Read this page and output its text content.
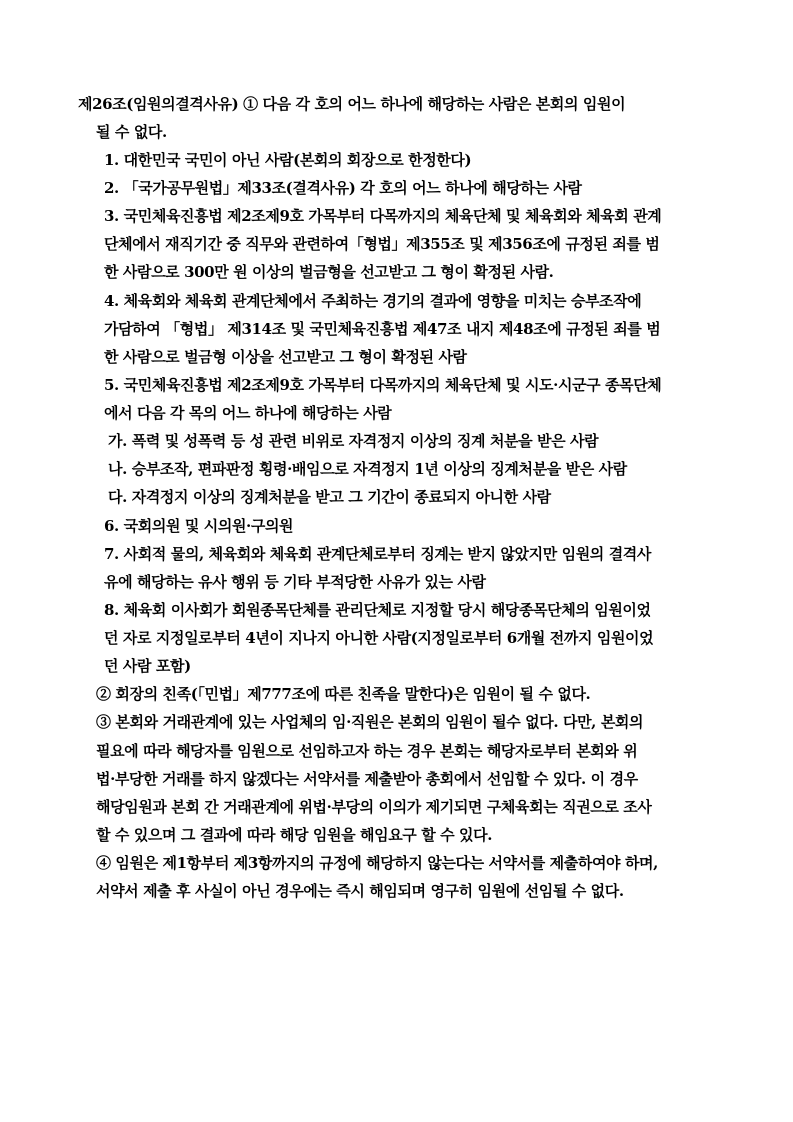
제26조(임원의결격사유) ① 다음 각 호의 어느 하나에 해당하는 사람은 본회의 임원이
될 수 없다.
1. 대한민국 국민이 아닌 사람(본회의 회장으로 한정한다)
2. 「국가공무원법」제33조(결격사유) 각 호의 어느 하나에 해당하는 사람
3. 국민체육진흥법 제2조제9호 가목부터 다목까지의 체육단체 및 체육회와 체육회 관계
단체에서 재직기간 중 직무와 관련하여「형법」제355조 및 제356조에 규정된 죄를 범
한 사람으로 300만 원 이상의 벌금형을 선고받고 그 형이 확정된 사람.
4. 체육회와 체육회 관계단체에서 주최하는 경기의 결과에 영향을 미치는 승부조작에
가담하여 「형법」 제314조 및 국민체육진흥법 제47조 내지 제48조에 규정된 죄를 범
한 사람으로 벌금형 이상을 선고받고 그 형이 확정된 사람
5. 국민체육진흥법 제2조제9호 가목부터 다목까지의 체육단체 및 시도·시군구 종목단체
에서 다음 각 목의 어느 하나에 해당하는 사람
가. 폭력 및 성폭력 등 성 관련 비위로 자격정지 이상의 징계 처분을 받은 사람
나. 승부조작, 편파판정 횡령·배임으로 자격정지 1년 이상의 징계처분을 받은 사람
다. 자격정지 이상의 징계처분을 받고 그 기간이 종료되지 아니한 사람
6. 국회의원 및 시의원·구의원
7. 사회적 물의, 체육회와 체육회 관계단체로부터 징계는 받지 않았지만 임원의 결격사
유에 해당하는 유사 행위 등 기타 부적당한 사유가 있는 사람
8. 체육회 이사회가 회원종목단체를 관리단체로 지정할 당시 해당종목단체의 임원이었
던 자로 지정일로부터 4년이 지나지 아니한 사람(지정일로부터 6개월 전까지 임원이었
던 사람 포함)
② 회장의 친족(「민법」제777조에 따른 친족을 말한다)은 임원이 될 수 없다.
③ 본회와 거래관계에 있는 사업체의 임·직원은 본회의 임원이 될수 없다. 다만, 본회의
필요에 따라 해당자를 임원으로 선임하고자 하는 경우 본회는 해당자로부터 본회와 위
법·부당한 거래를 하지 않겠다는 서약서를 제출받아 총회에서 선임할 수 있다. 이 경우
해당임원과 본회 간 거래관계에 위법·부당의 이의가 제기되면 구체육회는 직권으로 조사
할 수 있으며 그 결과에 따라 해당 임원을 해임요구 할 수 있다.
④ 임원은 제1항부터 제3항까지의 규정에 해당하지 않는다는 서약서를 제출하여야 하며,
서약서 제출 후 사실이 아닌 경우에는 즉시 해임되며 영구히 임원에 선임될 수 없다.
